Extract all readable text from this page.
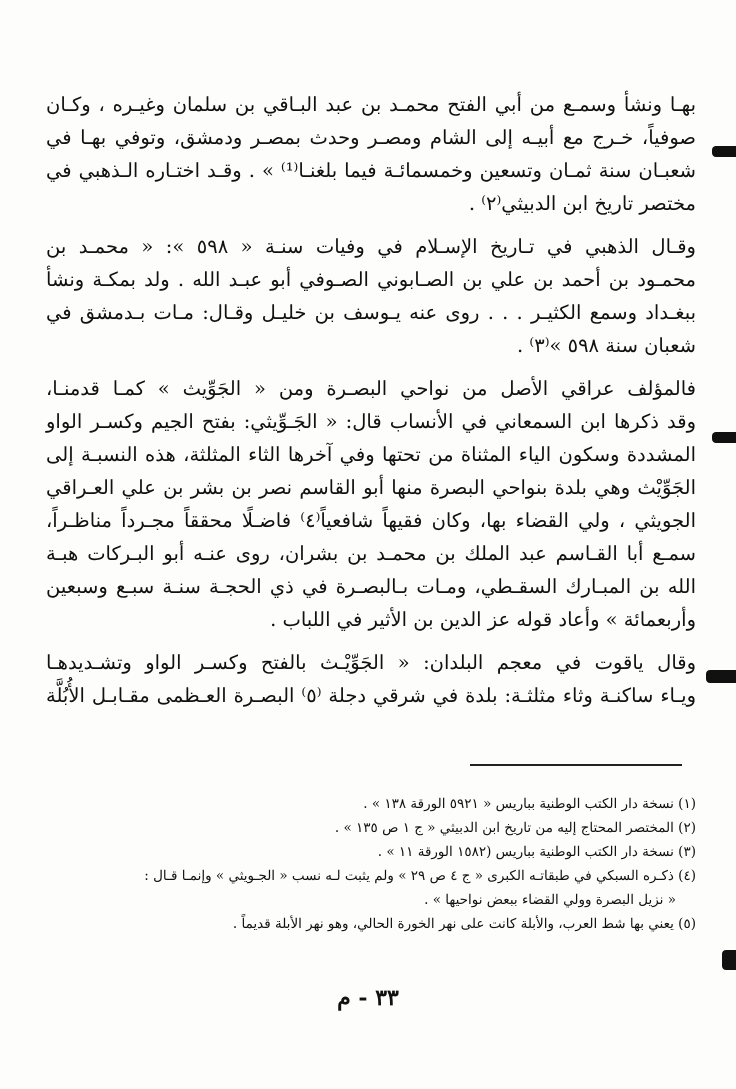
بهـا ونشأ وسمـع من أبي الفتح محمـد بن عبد البـاقي بن سلمان وغيـره ، وكـان
صوفياً، خـرج مع أبيـه إلى الشام ومصـر وحدث بمصـر ودمشق، وتوفي بهـا في
شعبـان سنة ثمـان وتسعين وخمسمائـة فيما بلغنـا⁽¹⁾ » . وقـد اختـاره الـذهبي في
مختصر تاريخ ابن الدبيثي⁽٢⁾ .
وقـال الذهبي في تـاريخ الإسـلام في وفيات سنـة « ٥٩٨ »: « محمـد بن
محمـود بن أحمد بن علي بن الصـابوني الصـوفي أبو عبـد الله . ولد بمكـة ونشأ
ببغـداد وسمع الكثيـر . . . روى عنه يـوسف بن خليـل وقـال: مـات بـدمشق في
شعبان سنة ٥٩٨ »⁽٣⁾ .
فالمؤلف عراقي الأصل من نواحي البصـرة ومن « الجَوِّيث » كمـا قدمنـا،
وقد ذكرها ابن السمعاني في الأنساب قال: « الجَـوِّيثي: بفتح الجيم وكسـر الواو
المشددة وسكون الياء المثناة من تحتها وفي آخرها الثاء المثلثة، هذه النسبـة إلى
الجَوِّيْث وهي بلدة بنواحي البصرة منها أبو القاسم نصر بن بشر بن علي العـراقي
الجويثي ، ولي القضاء بها، وكان فقيهاً شافعياً⁽٤⁾ فاضـلًا محققاً مجـرداً مناظـراً،
سمـع أبا القـاسم عبد الملك بن محمـد بن بشران، روى عنـه أبو البـركات هبـة
الله بن المبـارك السقـطي، ومـات بـالبصـرة في ذي الحجـة سنـة سبـع وسبعين
وأربعمائة » وأعاد قوله عز الدين بن الأثير في اللباب .
وقال ياقوت في معجم البلدان: « الجَوِّيْـث بالفتح وكسـر الواو وتشـديدهـا
ويـاء ساكنـة وثاء مثلثـة: بلدة في شرقي دجلة ⁽٥⁾ البصـرة العـظمى مقـابـل الأُبُلَّة
(١) نسخة دار الكتب الوطنية بباريس « ٥٩٢١ الورقة ١٣٨ » .
(٢) المختصر المحتاج إليه من تاريخ ابن الدبيثي « ج ١ ص ١٣٥ » .
(٣) نسخة دار الكتب الوطنية بباريس (١٥٨٢ الورقة ١١ » .
(٤) ذكـره السبكي في طبقاتـه الكبرى « ج ٤ ص ٢٩ » ولم يثبت لـه نسب « الجـويثي » وإنمـا قـال :
« نزيل البصرة وولي القضاء ببعض نواحيها » .
(٥) يعني بها شط العرب، والأبلة كانت على نهر الخورة الحالي، وهو نهر الأبلة قديماً .
٣٣ - م
